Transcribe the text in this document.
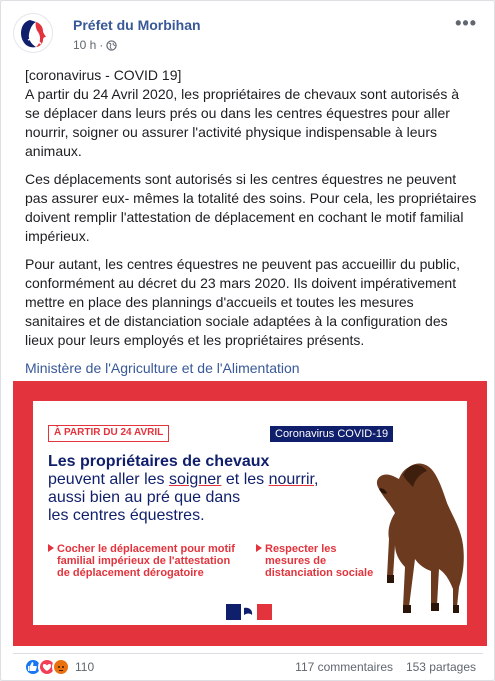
Préfet du Morbihan
10 h ·
•••

[coronavirus - COVID 19]
A partir du 24 Avril 2020, les propriétaires de chevaux sont autorisés à se déplacer dans leurs prés ou dans les centres équestres pour aller nourrir, soigner ou assurer l'activité physique indispensable à leurs animaux.

Ces déplacements sont autorisés si les centres équestres ne peuvent pas assurer eux- mêmes la totalité des soins. Pour cela, les propriétaires doivent remplir l'attestation de déplacement en cochant le motif familial impérieux.

Pour autant, les centres équestres ne peuvent pas accueillir du public, conformément au décret du 23 mars 2020. Ils doivent impérativement mettre en place des plannings d'accueils et toutes les mesures sanitaires et de distanciation sociale adaptées à la configuration des lieux pour leurs employés et les propriétaires présents.

Ministère de l'Agriculture et de l'Alimentation
À PARTIR DU 24 AVRIL	Coronavirus COVID-19
Les propriétaires de chevaux
peuvent aller les soigner et les nourrir,
aussi bien au pré que dans
les centres équestres.
Cocher le déplacement pour motif familial impérieux de l'attestation de déplacement dérogatoire
Respecter les mesures de distanciation sociale
110	117 commentaires 153 partages
